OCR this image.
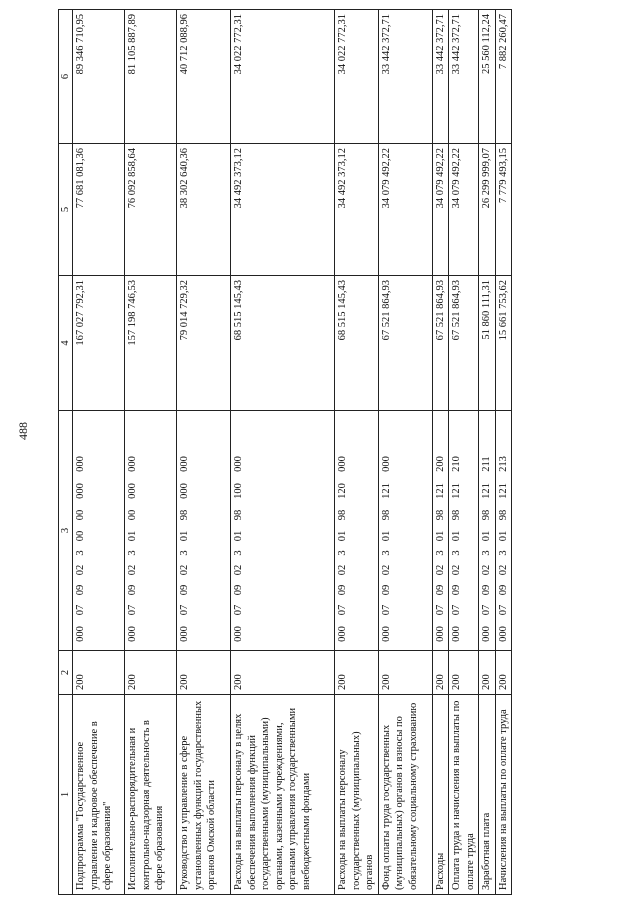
488
1	2	3	4	5	6
Подпрограмма "Государственное управление и кадровое обеспечение в сфере образования"	200	00007090230000000000	167 027 792,31	77 681 081,36	89 346 710,95
Исполнительно-распорядительная и контрольно-надзорная деятельность в сфере образования	200	00007090230100000000	157 198 746,53	76 092 858,64	81 105 887,89
Руководство и управление в сфере установленных функций государственных органов Омской области	200	00007090230198000000	79 014 729,32	38 302 640,36	40 712 088,96
Расходы на выплаты персоналу в целях обеспечения выполнения функций государственными (муниципальными) органами, казенными учреждениями, органами управления государственными внебюджетными фондами	200	00007090230198100000	68 515 145,43	34 492 373,12	34 022 772,31
Расходы на выплаты персоналу государственных (муниципальных) органов	200	00007090230198120000	68 515 145,43	34 492 373,12	34 022 772,31
Фонд оплаты труда государственных (муниципальных) органов и взносы по обязательному социальному страхованию	200	00007090230198121000	67 521 864,93	34 079 492,22	33 442 372,71
Расходы	200	00007090230198121200	67 521 864,93	34 079 492,22	33 442 372,71
Оплата труда и начисления на выплаты по оплате труда	200	00007090230198121210	67 521 864,93	34 079 492,22	33 442 372,71
Заработная плата	200	00007090230198121211	51 860 111,31	26 299 999,07	25 560 112,24
Начисления на выплаты по оплате труда	200	00007090230198121213	15 661 753,62	7 779 493,15	7 882 260,47
